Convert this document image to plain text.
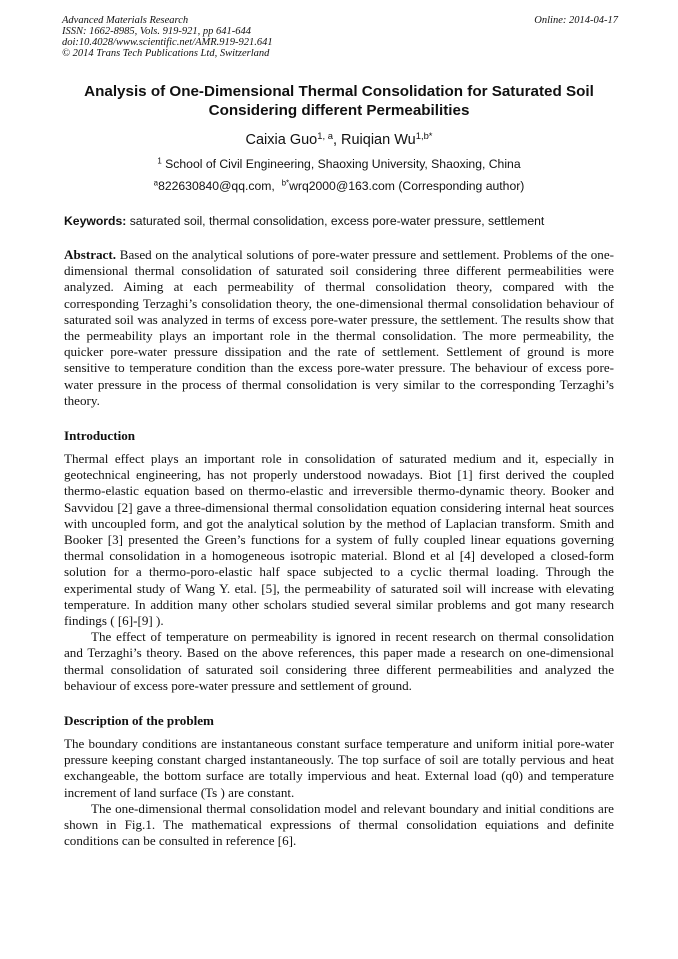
Advanced Materials Research
ISSN: 1662-8985, Vols. 919-921, pp 641-644
doi:10.4028/www.scientific.net/AMR.919-921.641
© 2014 Trans Tech Publications Ltd, Switzerland
Online: 2014-04-17
Analysis of One-Dimensional Thermal Consolidation for Saturated Soil Considering different Permeabilities
Caixia Guo$^{1, a}$, Ruiqian $Wu^{1,b*}$
$^1$ School of Civil Engineering, Shaoxing University, Shaoxing, China
$^a$822630840@qq.com, $^{b*}$wrq2000@163.com (Corresponding author)
Keywords: saturated soil, thermal consolidation, excess pore-water pressure, settlement
Abstract. Based on the analytical solutions of pore-water pressure and settlement. Problems of the one-dimensional thermal consolidation of saturated soil considering three different permeabilities were analyzed. Aiming at each permeability of thermal consolidation theory, compared with the corresponding Terzaghi’s consolidation theory, the one-dimensional thermal consolidation behaviour of saturated soil was analyzed in terms of excess pore-water pressure, the settlement. The results show that the permeability plays an important role in the thermal consolidation. The more permeability, the quicker pore-water pressure dissipation and the rate of settlement. Settlement of ground is more sensitive to temperature condition than the excess pore-water pressure. The behaviour of excess pore-water pressure in the process of thermal consolidation is very similar to the corresponding Terzaghi’s theory.
Introduction

Thermal effect plays an important role in consolidation of saturated medium and it, especially in geotechnical engineering, has not properly understood nowadays. Biot [1] first derived the coupled thermo-elastic equation based on thermo-elastic and irreversible thermo-dynamic theory. Booker and Savvidou [2] gave a three-dimensional thermal consolidation equation considering internal heat sources with uncoupled form, and got the analytical solution by the method of Laplacian transform. Smith and Booker [3] presented the Green’s functions for a system of fully coupled linear equations governing thermal consolidation in a homogeneous isotropic material. Blond et al [4] developed a closed-form solution for a thermo-poro-elastic half space subjected to a cyclic thermal loading. Through the experimental study of Wang Y. etal. [5], the permeability of saturated soil will increase with elevating temperature. In addition many other scholars studied several similar problems and got many research findings ( [6]-[9] ).

The effect of temperature on permeability is ignored in recent research on thermal consolidation and Terzaghi’s theory. Based on the above references, this paper made a research on one-dimensional thermal consolidation of saturated soil considering three different permeabilities and analyzed the behaviour of excess pore-water pressure and settlement of ground.

Description of the problem

The boundary conditions are instantaneous constant surface temperature and uniform initial pore-water pressure keeping constant charged instantaneously. The top surface of soil are totally pervious and heat exchangeable, the bottom surface are totally impervious and heat. External load (q0) and temperature increment of land surface (Ts ) are constant.

The one-dimensional thermal consolidation model and relevant boundary and initial conditions are shown in Fig.1. The mathematical expressions of thermal consolidation equiations and definite conditions can be consulted in reference [6].
